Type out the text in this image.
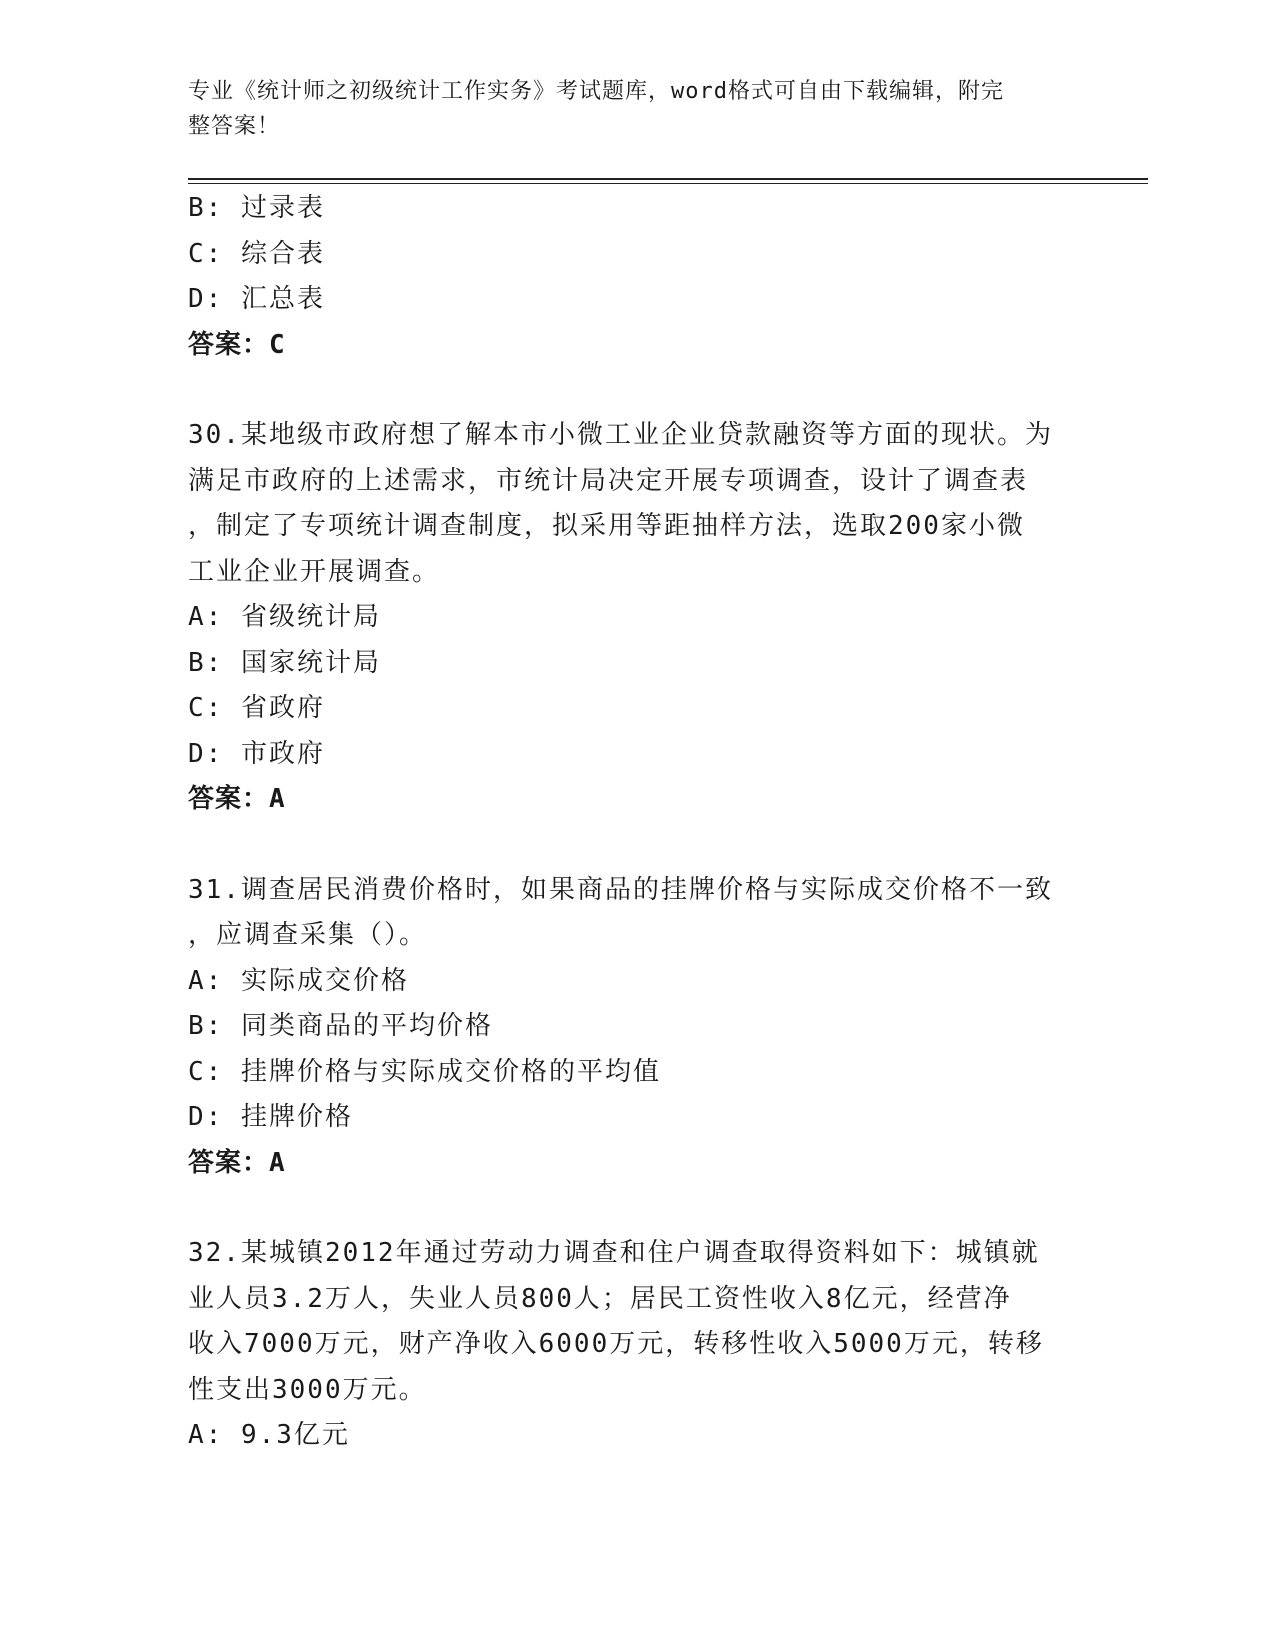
专业《统计师之初级统计工作实务》考试题库，word格式可自由下载编辑，附完
整答案！
B: 过录表
C: 综合表
D: 汇总表
答案：C
30.某地级市政府想了解本市小微工业企业贷款融资等方面的现状。为
满足市政府的上述需求，市统计局决定开展专项调查，设计了调查表
，制定了专项统计调查制度，拟采用等距抽样方法，选取200家小微
工业企业开展调查。
A: 省级统计局
B: 国家统计局
C: 省政府
D: 市政府
答案：A
31.调查居民消费价格时，如果商品的挂牌价格与实际成交价格不一致
，应调查采集（）。
A: 实际成交价格
B: 同类商品的平均价格
C: 挂牌价格与实际成交价格的平均值
D: 挂牌价格
答案：A
32.某城镇2012年通过劳动力调查和住户调查取得资料如下：城镇就
业人员3.2万人，失业人员800人；居民工资性收入8亿元，经营净
收入7000万元，财产净收入6000万元，转移性收入5000万元，转移
性支出3000万元。
A: 9.3亿元
